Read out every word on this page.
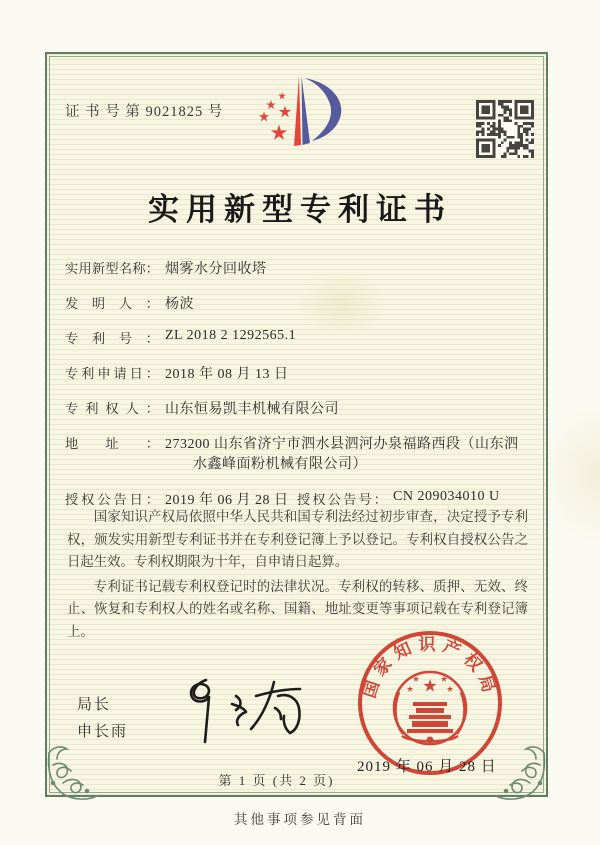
证 书 号 第 9021825 号
实用新型专利证书
实用新型名称： 烟雾水分回收塔
发明人： 杨波
专利号： ZL 2018 2 1292565.1
专利申请日： 2018 年 08 月 13 日
专利权人： 山东恒易凯丰机械有限公司
地址： 273200 山东省济宁市泗水县泗河办泉福路西段（山东泗
水鑫峰面粉机械有限公司）
授权公告日： 2019 年 06 月 28 日 授权公告号： CN 209034010 U

国家知识产权局依照中华人民共和国专利法经过初步审查，决定授予专利权，颁发实用新型专利证书并在专利登记簿上予以登记。专利权自授权公告之日起生效。专利权期限为十年，自申请日起算。

专利证书记载专利权登记时的法律状况。专利权的转移、质押、无效、终止、恢复和专利权人的姓名或名称、国籍、地址变更等事项记载在专利登记簿上。

局长
申长雨
国家知识产权局
2019 年 06 月 28 日
第 1 页 (共 2 页)
其他事项参见背面
